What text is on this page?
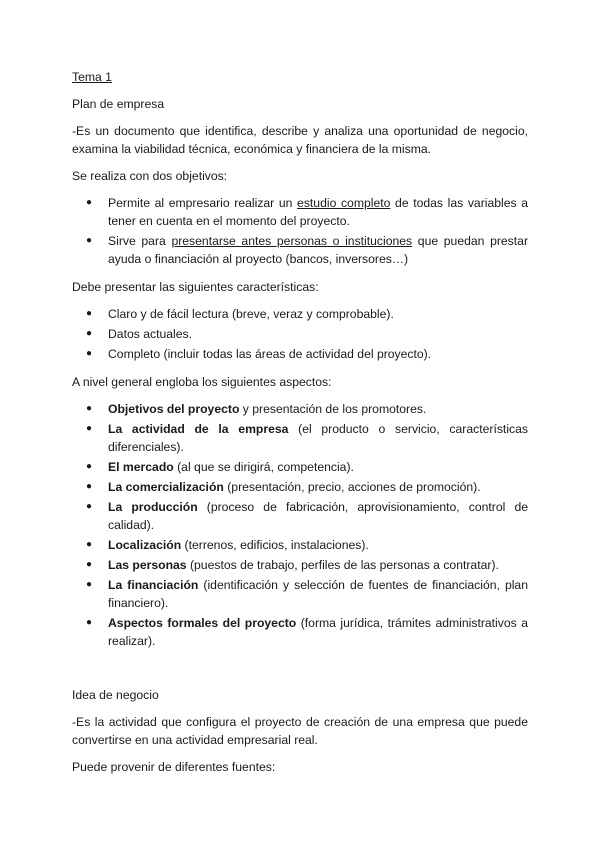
Tema 1
Plan de empresa

-Es un documento que identifica, describe y analiza una oportunidad de negocio, examina la viabilidad técnica, económica y financiera de la misma.

Se realiza con dos objetivos:

● Permite al empresario realizar un estudio completo de todas las variables a tener en cuenta en el momento del proyecto.
● Sirve para presentarse antes personas o instituciones que puedan prestar ayuda o financiación al proyecto (bancos, inversores…)

Debe presentar las siguientes características:

● Claro y de fácil lectura (breve, veraz y comprobable).
● Datos actuales.
● Completo (incluir todas las áreas de actividad del proyecto).

A nivel general engloba los siguientes aspectos:

● Objetivos del proyecto y presentación de los promotores.
● La actividad de la empresa (el producto o servicio, características diferenciales).
● El mercado (al que se dirigirá, competencia).
● La comercialización (presentación, precio, acciones de promoción).
● La producción (proceso de fabricación, aprovisionamiento, control de calidad).
● Localización (terrenos, edificios, instalaciones).
● Las personas (puestos de trabajo, perfiles de las personas a contratar).
● La financiación (identificación y selección de fuentes de financiación, plan financiero).
● Aspectos formales del proyecto (forma jurídica, trámites administrativos a realizar).
Idea de negocio

-Es la actividad que configura el proyecto de creación de una empresa que puede convertirse en una actividad empresarial real.

Puede provenir de diferentes fuentes:
